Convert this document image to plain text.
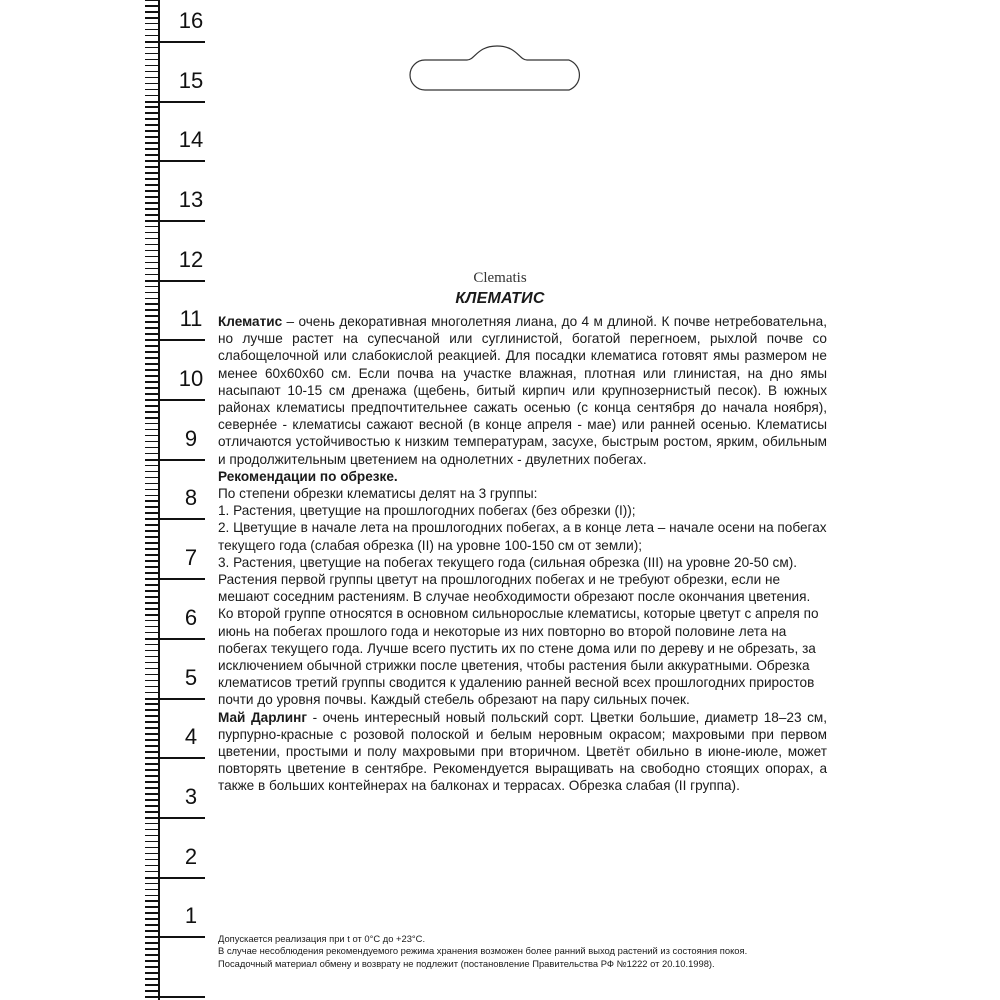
16
15
14
13
12
11
10
9
8
7
6
5
4
3
2
1
Clematis
КЛЕМАТИС

Клематис – очень декоративная многолетняя лиана, до 4 м длиной. К почве нетребовательна, но лучше растет на супесчаной или суглинистой, богатой перегноем, рыхлой почве со слабощелочной или слабокислой реакцией. Для посадки клематиса готовят ямы размером не менее 60х60х60 см. Если почва на участке влажная, плотная или глинистая, на дно ямы насыпают 10-15 см дренажа (щебень, битый кирпич или крупнозернистый песок). В южных районах клематисы предпочтительнее сажать осенью (с конца сентября до начала ноября), северне́е - клематисы сажают весной (в конце апреля - мае) или ранней осенью. Клематисы отличаются устойчивостью к низким температурам, засухе, быстрым ростом, ярким, обильным и продолжительным цветением на однолетних - двулетних побегах.

Рекомендации по обрезке.

По степени обрезки клематисы делят на 3 группы:

1. Растения, цветущие на прошлогодних побегах (без обрезки (I));

2. Цветущие в начале лета на прошлогодних побегах, а в конце лета – начале осени на побегах текущего года (слабая обрезка (II) на уровне 100-150 см от земли);

3. Растения, цветущие на побегах текущего года (сильная обрезка (III) на уровне 20-50 см).

Растения первой группы цветут на прошлогодних побегах и не требуют обрезки, если не мешают соседним растениям. В случае необходимости обрезают после окончания цветения. Ко второй группе относятся в основном сильнорослые клематисы, которые цветут с апреля по июнь на побегах прошлого года и некоторые из них повторно во второй половине лета на побегах текущего года. Лучше всего пустить их по стене дома или по дереву и не обрезать, за исключением обычной стрижки после цветения, чтобы растения были аккуратными. Обрезка клематисов третий группы сводится к удалению ранней весной всех прошлогодних приростов почти до уровня почвы. Каждый стебель обрезают на пару сильных почек.

Май Дарлинг - очень интересный новый польский сорт. Цветки большие, диаметр 18–23 см, пурпурно-красные с розовой полоской и белым неровным окрасом; махровыми при первом цветении, простыми и полу махровыми при вторичном. Цветёт обильно в июне-июле, может повторять цветение в сентябре. Рекомендуется выращивать на свободно стоящих опорах, а также в больших контейнерах на балконах и террасах. Обрезка слабая (II группа).

Допускается реализация при t от 0°С до +23°С.
В случае несоблюдения рекомендуемого режима хранения возможен более ранний выход растений из состояния покоя.
Посадочный материал обмену и возврату не подлежит (постановление Правительства РФ №1222 от 20.10.1998).
